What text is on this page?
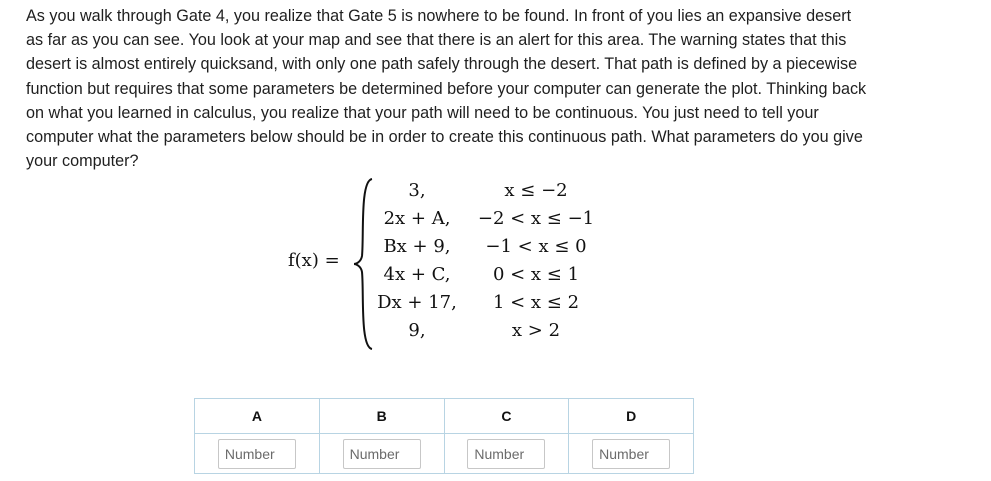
As you walk through Gate 4, you realize that Gate 5 is nowhere to be found. In front of you lies an expansive desert as far as you can see. You look at your map and see that there is an alert for this area. The warning states that this desert is almost entirely quicksand, with only one path safely through the desert. That path is defined by a piecewise function but requires that some parameters be determined before your computer can generate the plot. Thinking back on what you learned in calculus, you realize that your path will need to be continuous. You just need to tell your computer what the parameters below should be in order to create this continuous path. What parameters do you give your computer?

f(x) =
3,	x ≤ −2
2x + A,	−2 < x ≤ −1
Bx + 9,	−1 < x ≤ 0
4x + C,	0 < x ≤ 1
Dx + 17,	1 < x ≤ 2
9,	x > 2
A	B	C	D
Number	Number	Number	Number
